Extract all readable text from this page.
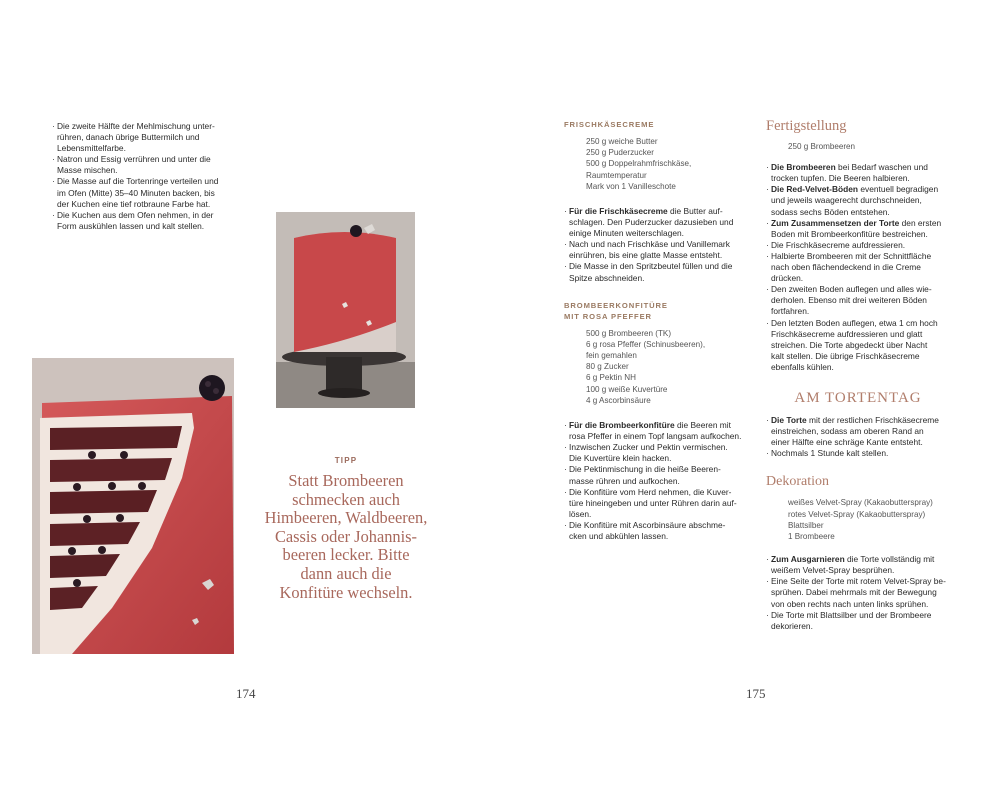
· Die zweite Hälfte der Mehlmischung unter-
rühren, danach übrige Buttermilch und
Lebensmittelfarbe.
· Natron und Essig verrühren und unter die
Masse mischen.
· Die Masse auf die Tortenringe verteilen und
im Ofen (Mitte) 35–40 Minuten backen, bis
der Kuchen eine tief rotbraune Farbe hat.
· Die Kuchen aus dem Ofen nehmen, in der
Form auskühlen lassen und kalt stellen.
TIPP
Statt Brombeeren
schmecken auch
Himbeeren, Waldbeeren,
Cassis oder Johannis-
beeren lecker. Bitte
dann auch die
Konfitüre wechseln.
174
FRISCHKÄSECREME
250 g weiche Butter
250 g Puderzucker
500 g Doppelrahmfrischkäse,
Raumtemperatur
Mark von 1 Vanilleschote
· Für die Frischkäsecreme die Butter auf-
schlagen. Den Puderzucker dazusieben und
einige Minuten weiterschlagen.
· Nach und nach Frischkäse und Vanillemark
einrühren, bis eine glatte Masse entsteht.
· Die Masse in den Spritzbeutel füllen und die
Spitze abschneiden.
BROMBEERKONFITÜRE
MIT ROSA PFEFFER
500 g Brombeeren (TK)
6 g rosa Pfeffer (Schinusbeeren),
fein gemahlen
80 g Zucker
6 g Pektin NH
100 g weiße Kuvertüre
4 g Ascorbinsäure
· Für die Brombeerkonfitüre die Beeren mit
rosa Pfeffer in einem Topf langsam aufkochen.
· Inzwischen Zucker und Pektin vermischen.
Die Kuvertüre klein hacken.
· Die Pektinmischung in die heiße Beeren-
masse rühren und aufkochen.
· Die Konfitüre vom Herd nehmen, die Kuver-
türe hineingeben und unter Rühren darin auf-
lösen.
· Die Konfitüre mit Ascorbinsäure abschme-
cken und abkühlen lassen.
Fertigstellung
250 g Brombeeren
· Die Brombeeren bei Bedarf waschen und
trocken tupfen. Die Beeren halbieren.
· Die Red-Velvet-Böden eventuell begradigen
und jeweils waagerecht durchschneiden,
sodass sechs Böden entstehen.
· Zum Zusammensetzen der Torte den ersten
Boden mit Brombeerkonfitüre bestreichen.
· Die Frischkäsecreme aufdressieren.
· Halbierte Brombeeren mit der Schnittfläche
nach oben flächendeckend in die Creme
drücken.
· Den zweiten Boden auflegen und alles wie-
derholen. Ebenso mit drei weiteren Böden
fortfahren.
· Den letzten Boden auflegen, etwa 1 cm hoch
Frischkäsecreme aufdressieren und glatt
streichen. Die Torte abgedeckt über Nacht
kalt stellen. Die übrige Frischkäsecreme
ebenfalls kühlen.
AM TORTENTAG
· Die Torte mit der restlichen Frischkäsecreme
einstreichen, sodass am oberen Rand an
einer Hälfte eine schräge Kante entsteht.
· Nochmals 1 Stunde kalt stellen.
Dekoration
weißes Velvet-Spray (Kakaobutterspray)
rotes Velvet-Spray (Kakaobutterspray)
Blattsilber
1 Brombeere
· Zum Ausgarnieren die Torte vollständig mit
weißem Velvet-Spray besprühen.
· Eine Seite der Torte mit rotem Velvet-Spray be-
sprühen. Dabei mehrmals mit der Bewegung
von oben rechts nach unten links sprühen.
· Die Torte mit Blattsilber und der Brombeere
dekorieren.
175
